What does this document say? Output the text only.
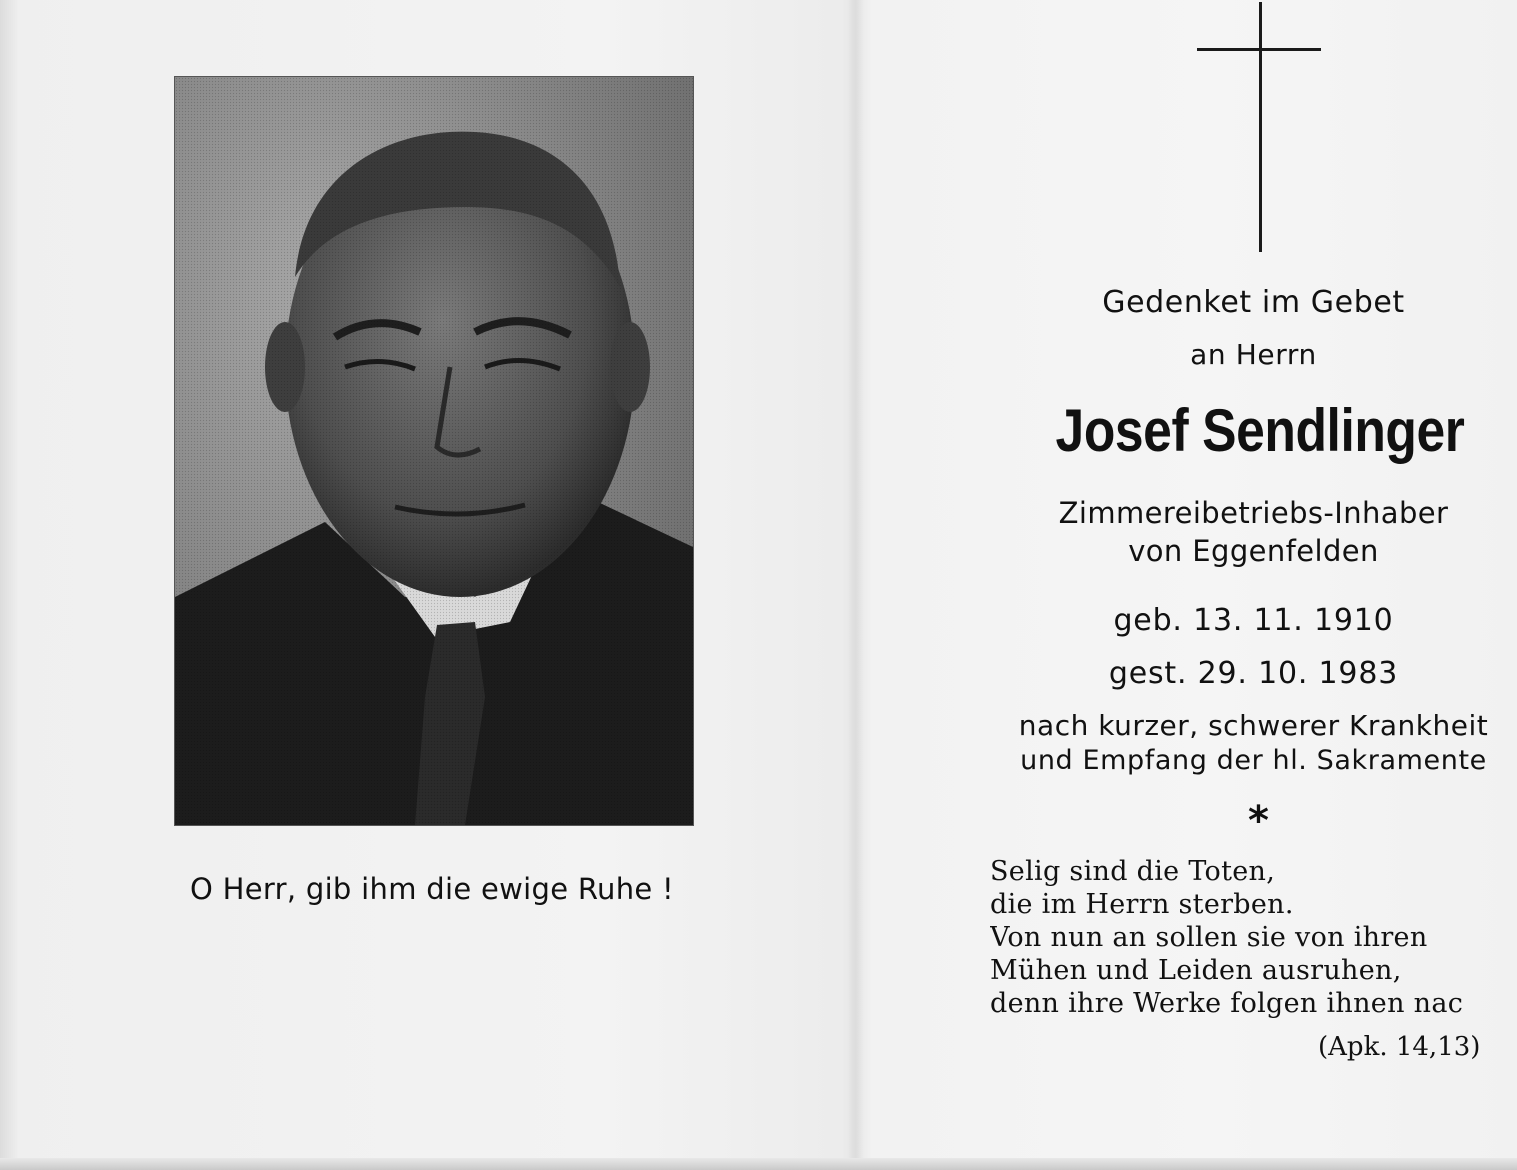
O Herr, gib ihm die ewige Ruhe !
Gedenket im Gebet
an Herrn
Josef Sendlinger
Zimmereibetriebs-Inhaber
von Eggenfelden
geb. 13. 11. 1910
gest. 29. 10. 1983
nach kurzer, schwerer Krankheit
und Empfang der hl. Sakramente
*
Selig sind die Toten,
die im Herrn sterben.
Von nun an sollen sie von ihren
Mühen und Leiden ausruhen,
denn ihre Werke folgen ihnen nac
(Apk. 14,13)
